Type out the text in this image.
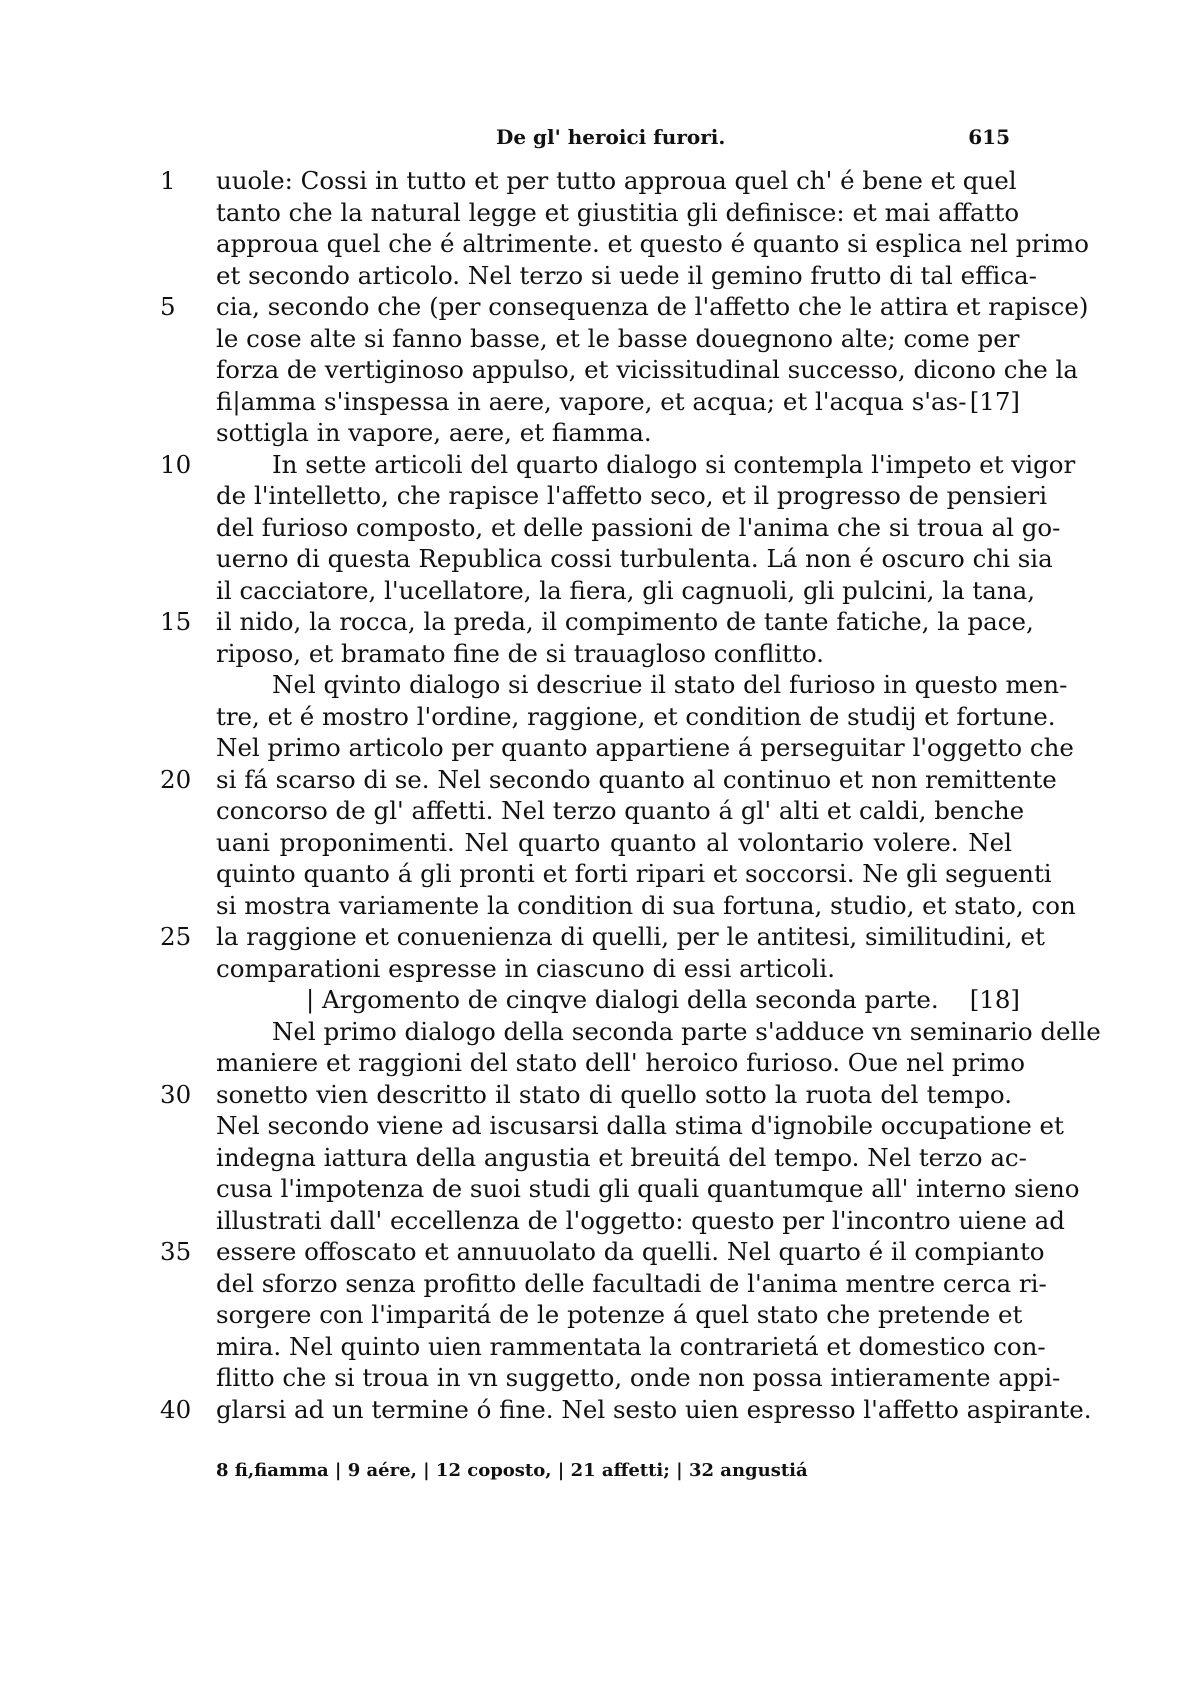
De gl' heroici furori.	615
1	uuole: Cossi in tutto et per tutto approua quel ch' é bene et quel
tanto che la natural legge et giustitia gli definisce: et mai affatto
approua quel che é altrimente. et questo é quanto si esplica nel primo
et secondo articolo. Nel terzo si uede il gemino frutto di tal effica-
5	cia, secondo che (per consequenza de l'affetto che le attira et rapisce)
le cose alte si fanno basse, et le basse douegnono alte; come per
forza de vertiginoso appulso, et vicissitudinal successo, dicono che la
fi|amma s'inspessa in aere, vapore, et acqua; et l'acqua s'as- [17]
sottigla in vapore, aere, et fiamma.
10	In sette articoli del quarto dialogo si contempla l'impeto et vigor
de l'intelletto, che rapisce l'affetto seco, et il progresso de pensieri
del furioso composto, et delle passioni de l'anima che si troua al go-
uerno di questa Republica cossi turbulenta. Lá non é oscuro chi sia
il cacciatore, l'ucellatore, la fiera, gli cagnuoli, gli pulcini, la tana,
15	il nido, la rocca, la preda, il compimento de tante fatiche, la pace,
riposo, et bramato fine de si trauagloso conflitto.
Nel qvinto dialogo si descriue il stato del furioso in questo men-
tre, et é mostro l'ordine, raggione, et condition de studij et fortune.
Nel primo articolo per quanto appartiene á perseguitar l'oggetto che
20	si fá scarso di se. Nel secondo quanto al continuo et non remittente
concorso de gl' affetti. Nel terzo quanto á gl' alti et caldi, benche
uani proponimenti. Nel quarto quanto al volontario volere. Nel
quinto quanto á gli pronti et forti ripari et soccorsi. Ne gli seguenti
si mostra variamente la condition di sua fortuna, studio, et stato, con
25	la raggione et conuenienza di quelli, per le antitesi, similitudini, et
comparationi espresse in ciascuno di essi articoli.
| Argomento de cinqve dialogi della seconda parte.	[18]
Nel primo dialogo della seconda parte s'adduce vn seminario delle
maniere et raggioni del stato dell' heroico furioso. Oue nel primo
30	sonetto vien descritto il stato di quello sotto la ruota del tempo.
Nel secondo viene ad iscusarsi dalla stima d'ignobile occupatione et
indegna iattura della angustia et breuitá del tempo. Nel terzo ac-
cusa l'impotenza de suoi studi gli quali quantumque all' interno sieno
illustrati dall' eccellenza de l'oggetto: questo per l'incontro uiene ad
35	essere offoscato et annuuolato da quelli. Nel quarto é il compianto
del sforzo senza profitto delle facultadi de l'anima mentre cerca ri-
sorgere con l'imparitá de le potenze á quel stato che pretende et
mira. Nel quinto uien rammentata la contrarietá et domestico con-
flitto che si troua in vn suggetto, onde non possa intieramente appi-
40	glarsi ad un termine ó fine. Nel sesto uien espresso l'affetto aspirante.
8 fi,fiamma | 9 aére, | 12 coposto, | 21 affetti; | 32 angustiá
